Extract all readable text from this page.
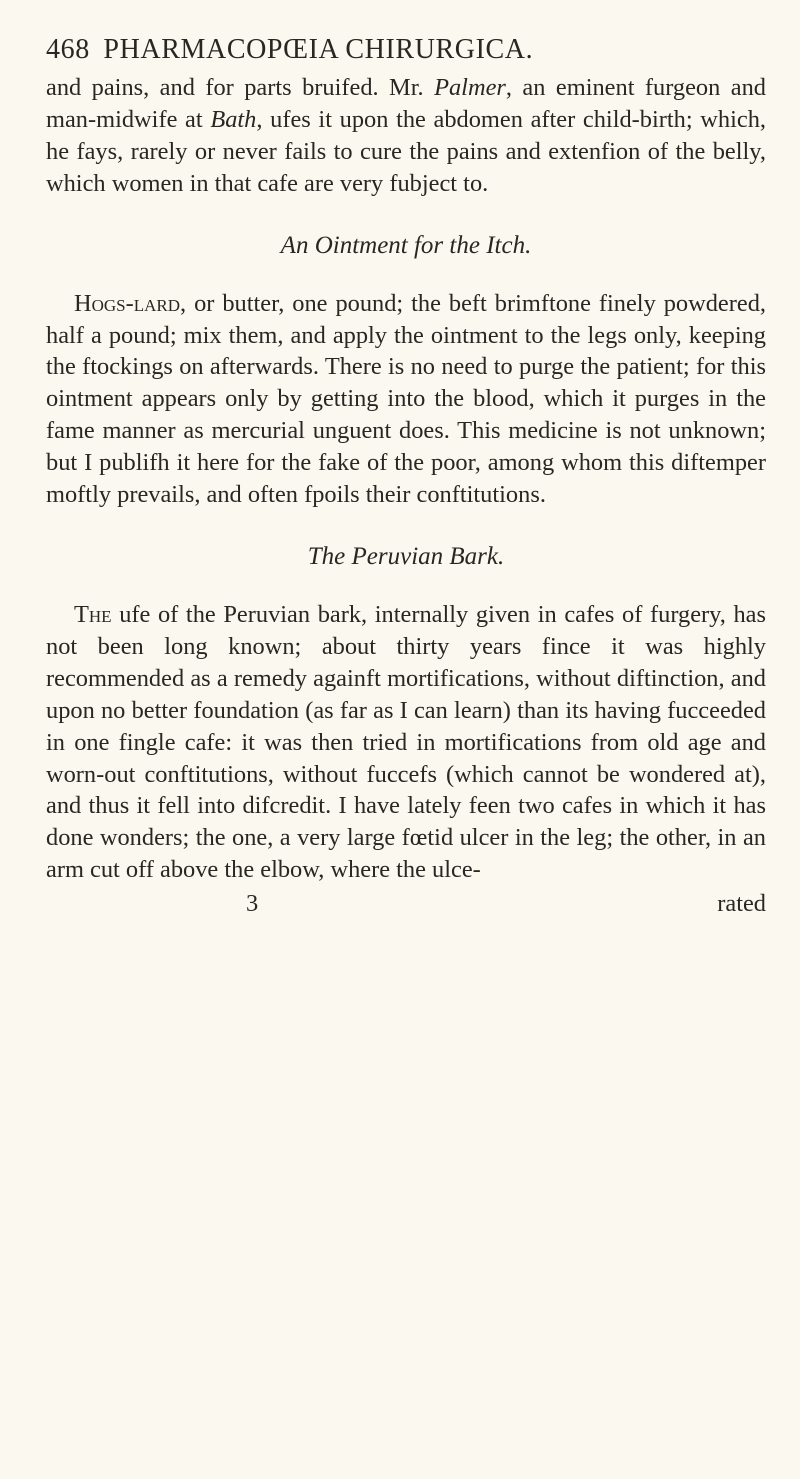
468 PHARMACOPŒIA CHIRURGICA.

and pains, and for parts bruifed. Mr. Palmer, an eminent furgeon and man-midwife at Bath, ufes it upon the abdomen after child-birth; which, he fays, rarely or never fails to cure the pains and extenfion of the belly, which women in that cafe are very fubject to.

An Ointment for the Itch.

Hogs-lard, or butter, one pound; the beft brimftone finely powdered, half a pound; mix them, and apply the ointment to the legs only, keeping the ftockings on afterwards. There is no need to purge the patient; for this ointment appears only by getting into the blood, which it purges in the fame manner as mercurial unguent does. This medicine is not unknown; but I publifh it here for the fake of the poor, among whom this diftemper moftly prevails, and often fpoils their conftitutions.

The Peruvian Bark.

The ufe of the Peruvian bark, internally given in cafes of furgery, has not been long known; about thirty years fince it was highly recommended as a remedy againft mortifications, without diftinction, and upon no better foundation (as far as I can learn) than its having fucceeded in one fingle cafe: it was then tried in mortifications from old age and worn-out conftitutions, without fuccefs (which cannot be wondered at), and thus it fell into difcredit. I have lately feen two cafes in which it has done wonders; the one, a very large fœtid ulcer in the leg; the other, in an arm cut off above the elbow, where the ulce-

3	rated
